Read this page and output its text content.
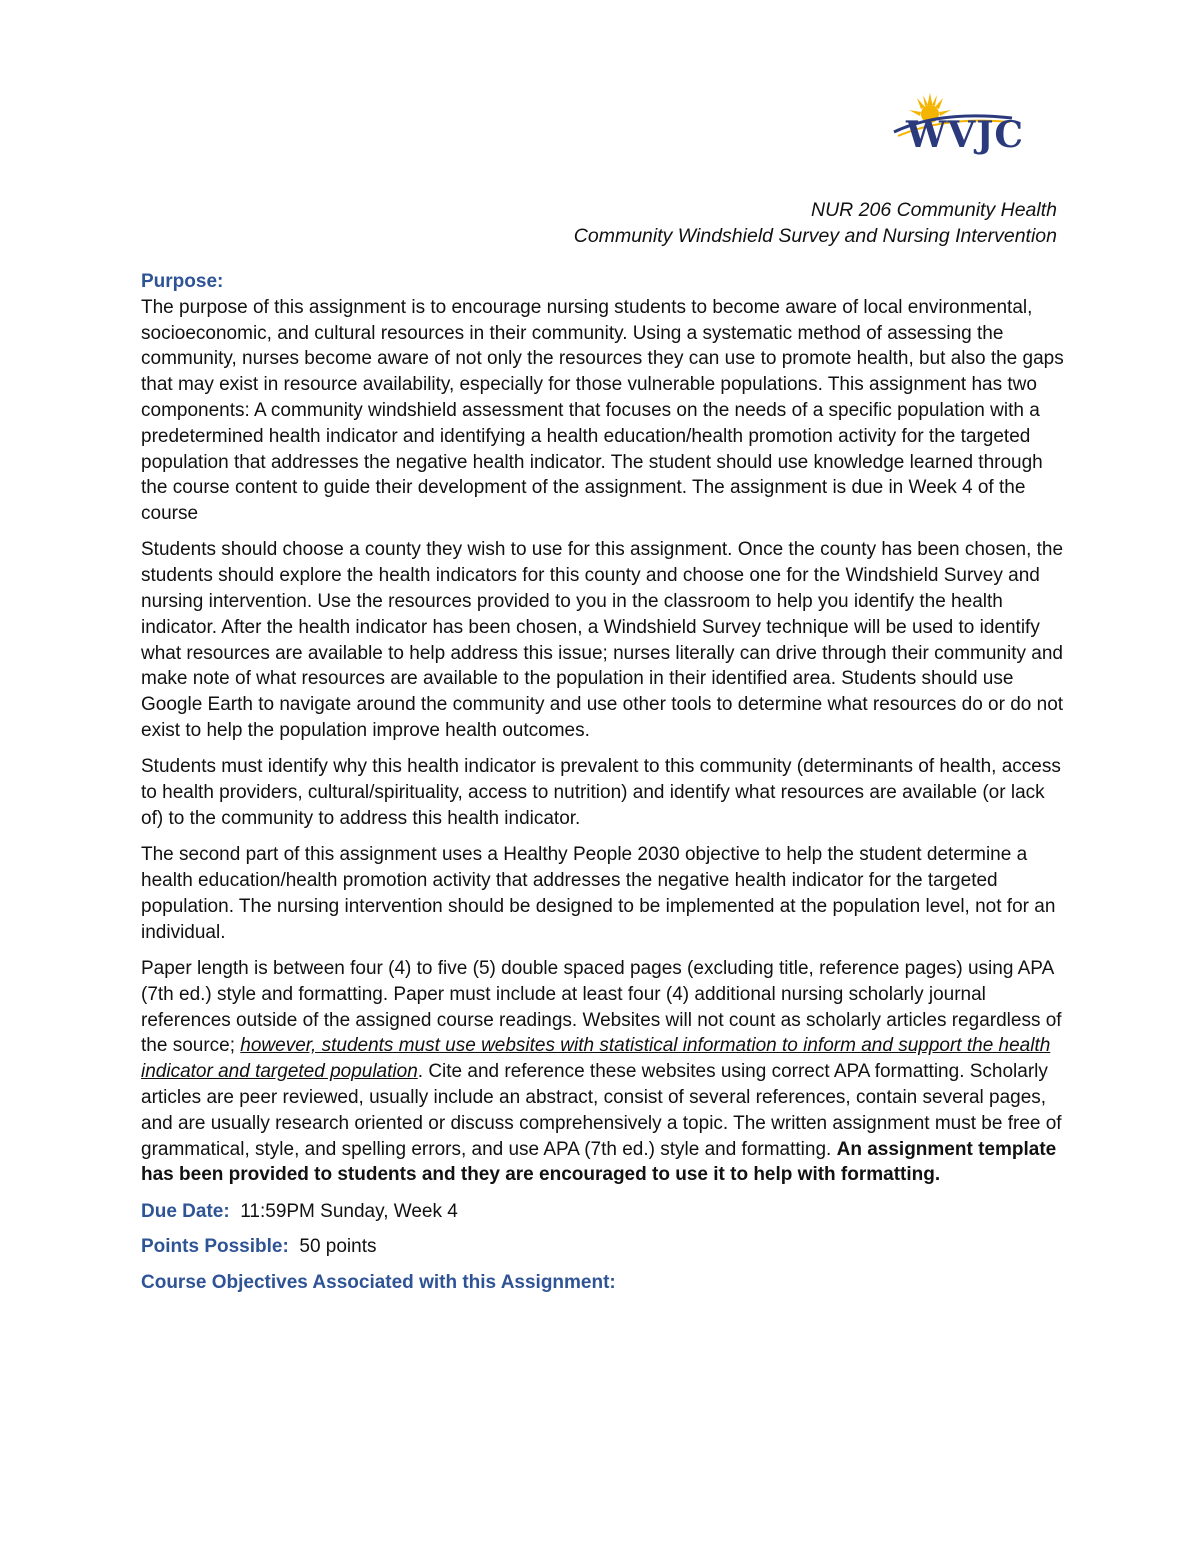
WVJC
NUR 206 Community Health
Community Windshield Survey and Nursing Intervention
Purpose:

The purpose of this assignment is to encourage nursing students to become aware of local environmental, socioeconomic, and cultural resources in their community. Using a systematic method of assessing the community, nurses become aware of not only the resources they can use to promote health, but also the gaps that may exist in resource availability, especially for those vulnerable populations. This assignment has two components: A community windshield assessment that focuses on the needs of a specific population with a predetermined health indicator and identifying a health education/health promotion activity for the targeted population that addresses the negative health indicator. The student should use knowledge learned through the course content to guide their development of the assignment. The assignment is due in Week 4 of the course

Students should choose a county they wish to use for this assignment. Once the county has been chosen, the students should explore the health indicators for this county and choose one for the Windshield Survey and nursing intervention. Use the resources provided to you in the classroom to help you identify the health indicator. After the health indicator has been chosen, a Windshield Survey technique will be used to identify what resources are available to help address this issue; nurses literally can drive through their community and make note of what resources are available to the population in their identified area. Students should use Google Earth to navigate around the community and use other tools to determine what resources do or do not exist to help the population improve health outcomes.

Students must identify why this health indicator is prevalent to this community (determinants of health, access to health providers, cultural/spirituality, access to nutrition) and identify what resources are available (or lack of) to the community to address this health indicator.

The second part of this assignment uses a Healthy People 2030 objective to help the student determine a health education/health promotion activity that addresses the negative health indicator for the targeted population. The nursing intervention should be designed to be implemented at the population level, not for an individual.

Paper length is between four (4) to five (5) double spaced pages (excluding title, reference pages) using APA (7th ed.) style and formatting. Paper must include at least four (4) additional nursing scholarly journal references outside of the assigned course readings. Websites will not count as scholarly articles regardless of the source; however, students must use websites with statistical information to inform and support the health indicator and targeted population. Cite and reference these websites using correct APA formatting. Scholarly articles are peer reviewed, usually include an abstract, consist of several references, contain several pages, and are usually research oriented or discuss comprehensively a topic. The written assignment must be free of grammatical, style, and spelling errors, and use APA (7th ed.) style and formatting. An assignment template has been provided to students and they are encouraged to use it to help with formatting.

Due Date: 11:59PM Sunday, Week 4

Points Possible: 50 points

Course Objectives Associated with this Assignment:
